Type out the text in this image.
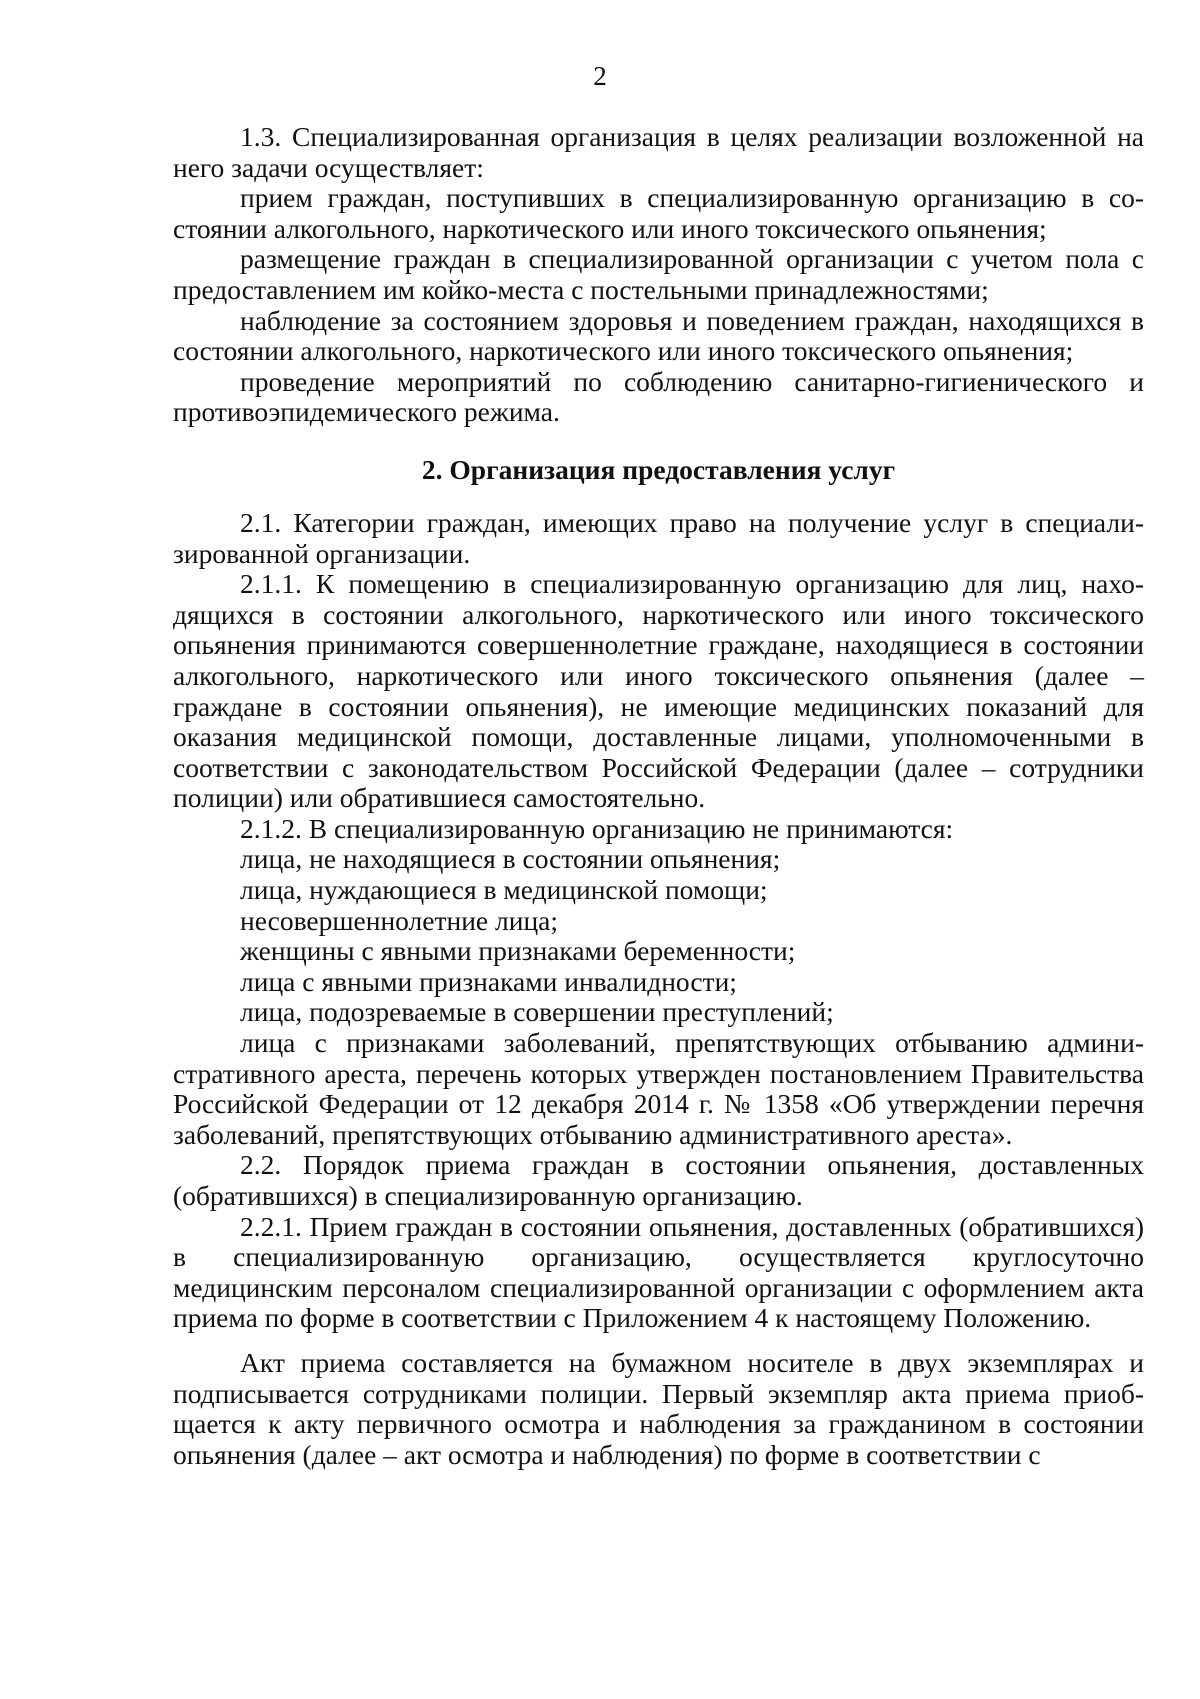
2

1.3. Специализированная организация в целях реализации возложенной на него задачи осуществляет:

прием граждан, поступивших в специализированную организацию в состоянии алкогольного, наркотического или иного токсического опьянения;

размещение граждан в специализированной организации с учетом пола с предоставлением им койко-места с постельными принадлежностями;

наблюдение за состоянием здоровья и поведением граждан, находящихся в состоянии алкогольного, наркотического или иного токсического опьянения;

проведение мероприятий по соблюдению санитарно-гигиенического и противоэпидемического режима.

2. Организация предоставления услуг

2.1. Категории граждан, имеющих право на получение услуг в специализированной организации.

2.1.1. К помещению в специализированную организацию для лиц, находящихся в состоянии алкогольного, наркотического или иного токсического опьянения принимаются совершеннолетние граждане, находящиеся в состоянии алкогольного, наркотического или иного токсического опьянения (далее – граждане в состоянии опьянения), не имеющие медицинских показаний для оказания медицинской помощи, доставленные лицами, уполномоченными в соответствии с законодательством Российской Федерации (далее – сотрудники полиции) или обратившиеся самостоятельно.

2.1.2. В специализированную организацию не принимаются:

лица, не находящиеся в состоянии опьянения;

лица, нуждающиеся в медицинской помощи;

несовершеннолетние лица;

женщины с явными признаками беременности;

лица с явными признаками инвалидности;

лица, подозреваемые в совершении преступлений;

лица с признаками заболеваний, препятствующих отбыванию административного ареста, перечень которых утвержден постановлением Правительства Российской Федерации от 12 декабря 2014 г. № 1358 «Об утверждении перечня заболеваний, препятствующих отбыванию административного ареста».

2.2. Порядок приема граждан в состоянии опьянения, доставленных (обратившихся) в специализированную организацию.

2.2.1. Прием граждан в состоянии опьянения, доставленных (обратившихся) в специализированную организацию, осуществляется круглосуточно медицинским персоналом специализированной организации с оформлением акта приема по форме в соответствии с Приложением 4 к настоящему Положению.

Акт приема составляется на бумажном носителе в двух экземплярах и подписывается сотрудниками полиции. Первый экземпляр акта приема приобщается к акту первичного осмотра и наблюдения за гражданином в состоянии опьянения (далее – акт осмотра и наблюдения) по форме в соответствии с
